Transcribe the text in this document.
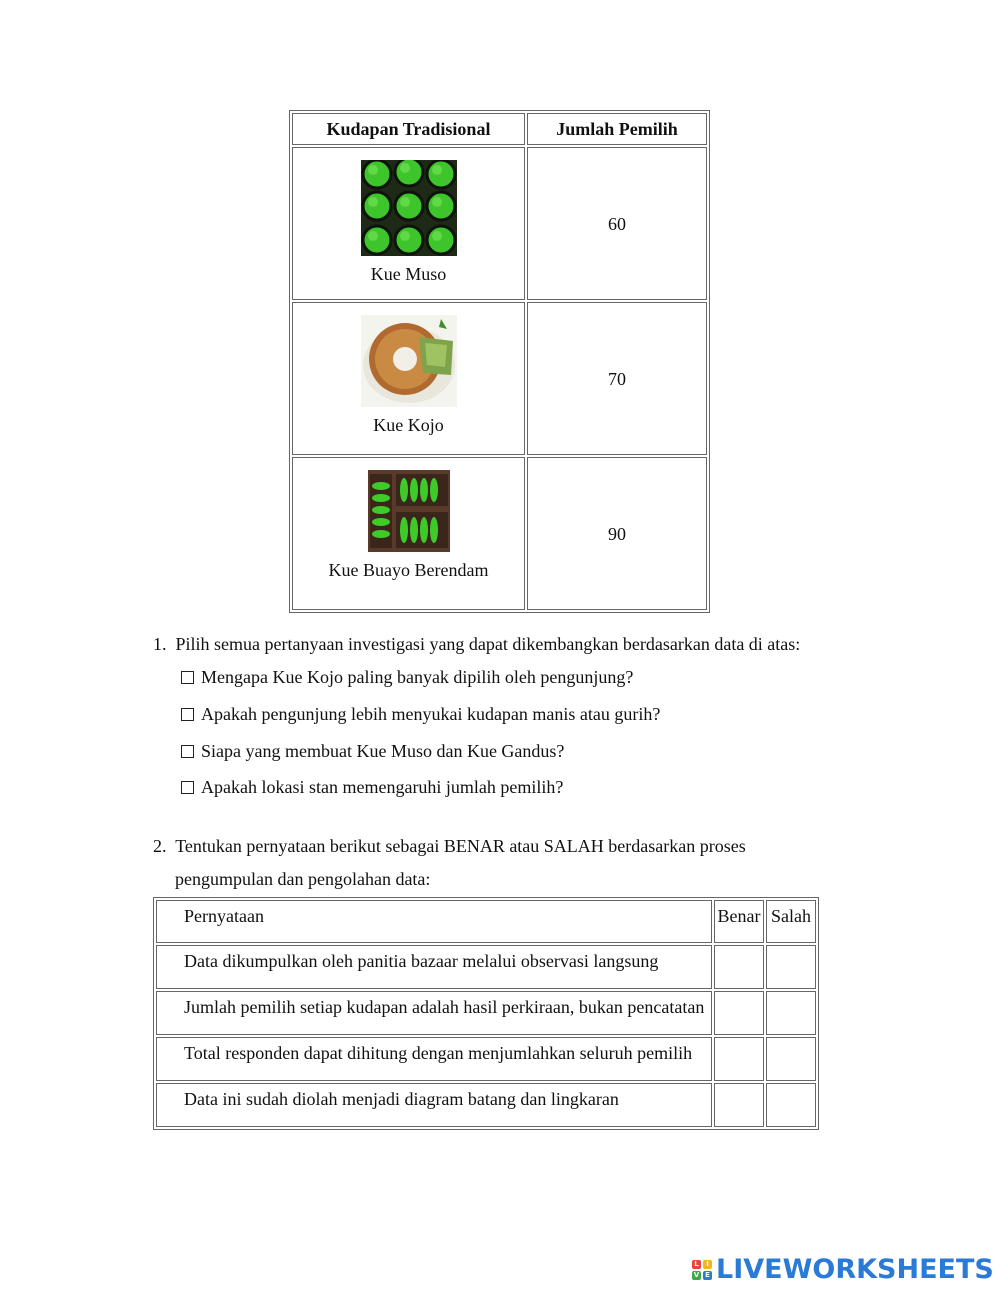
Kudapan Tradisional	Jumlah Pemilih

Kue Muso	60

Kue Kojo	70

Kue Buayo Berendam	90
1. Pilih semua pertanyaan investigasi yang dapat dikembangkan berdasarkan data di atas:
Mengapa Kue Kojo paling banyak dipilih oleh pengunjung?
Apakah pengunjung lebih menyukai kudapan manis atau gurih?
Siapa yang membuat Kue Muso dan Kue Gandus?
Apakah lokasi stan memengaruhi jumlah pemilih?
2. Tentukan pernyataan berikut sebagai BENAR atau SALAH berdasarkan proses
pengumpulan dan pengolahan data:
Pernyataan	Benar	Salah
Data dikumpulkan oleh panitia bazaar melalui observasi langsung		
Jumlah pemilih setiap kudapan adalah hasil perkiraan, bukan pencatatan		
Total responden dapat dihitung dengan menjumlahkan seluruh pemilih		
Data ini sudah diolah menjadi diagram batang dan lingkaran		
L	I
V E LIVEWORKSHEETS
